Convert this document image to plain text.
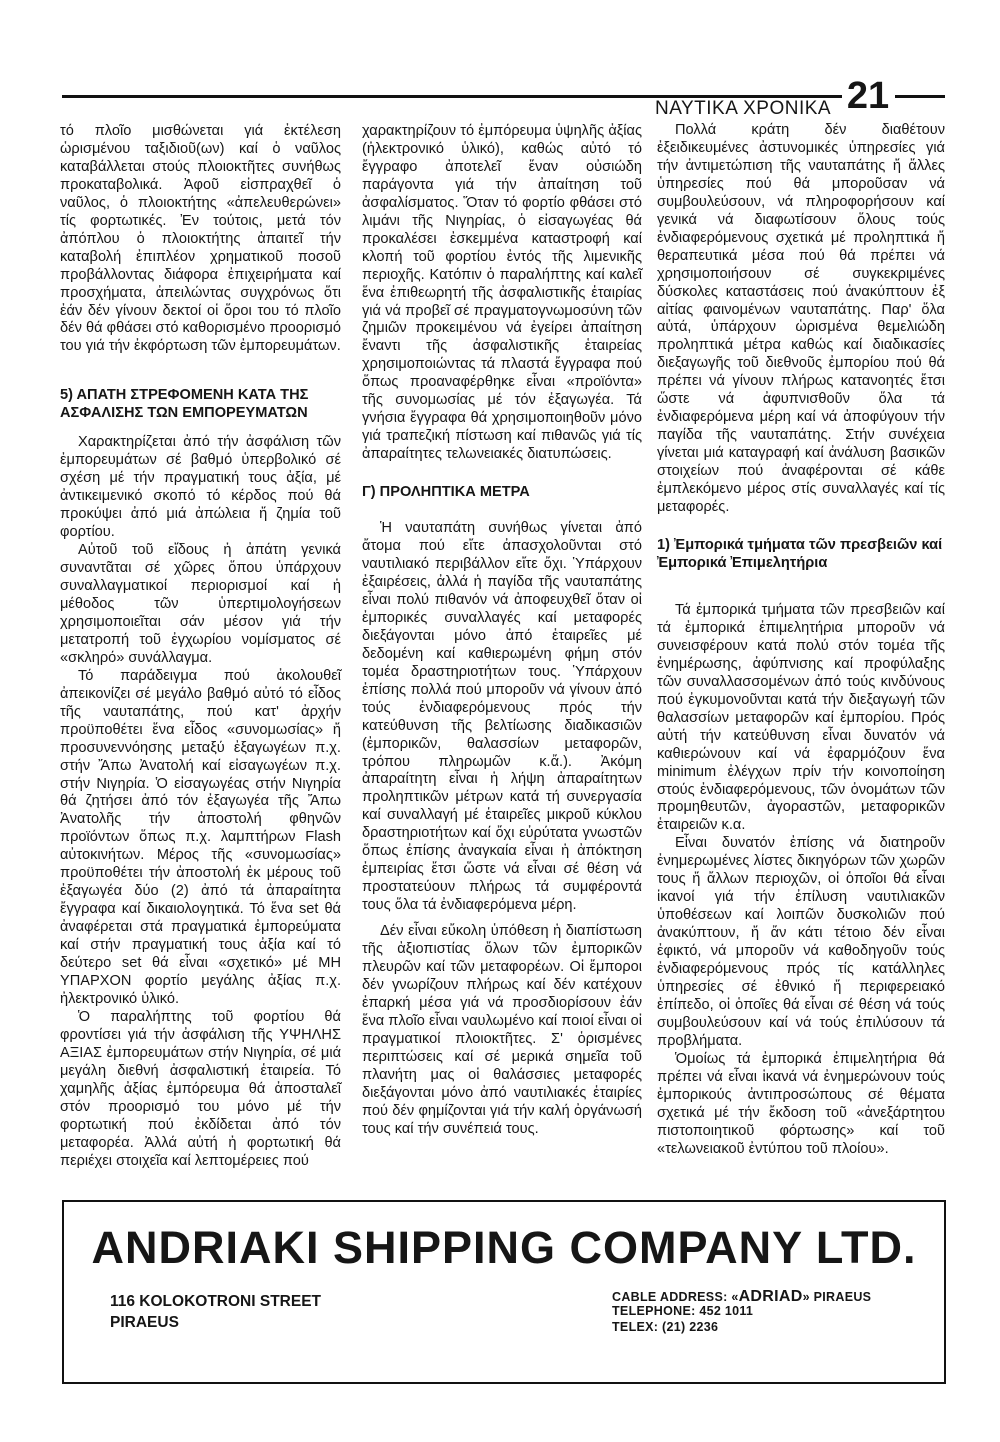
21
ΝΑΥΤΙΚΑ ΧΡΟΝΙΚΑ

τό πλοῖο μισθώνεται γιά ἐκτέλεση ὡρισμένου ταξιδιοῦ(ων) καί ὁ ναῦλος καταβάλλεται στούς πλοιοκτῆτες συνήθως προκαταβολικά. Ἀφοῦ εἰσπραχθεῖ ὁ ναῦλος, ὁ πλοιοκτήτης «ἀπελευθερώνει» τίς φορτωτικές. Ἐν τούτοις, μετά τόν ἀπόπλου ὁ πλοιοκτήτης ἀπαιτεῖ τήν καταβολή ἐπιπλέον χρηματικοῦ ποσοῦ προβάλλοντας διάφορα ἐπιχειρήματα καί προσχήματα, ἀπειλώντας συγχρόνως ὅτι ἐάν δέν γίνουν δεκτοί οἱ ὅροι του τό πλοῖο δέν θά φθάσει στό καθορισμένο προορισμό του γιά τήν ἐκφόρτωση τῶν ἐμπορευμάτων.

5) ΑΠΑΤΗ ΣΤΡΕΦΟΜΕΝΗ ΚΑΤΑ ΤΗΣ ΑΣΦΑΛΙΣΗΣ ΤΩΝ ΕΜΠΟΡΕΥΜΑΤΩΝ

Χαρακτηρίζεται ἀπό τήν ἀσφάλιση τῶν ἐμπορευμάτων σέ βαθμό ὑπερβολικό σέ σχέση μέ τήν πραγματική τους ἀξία, μέ ἀντικειμενικό σκοπό τό κέρδος πού θά προκύψει ἀπό μιά ἀπώλεια ἤ ζημία τοῦ φορτίου.

Αὐτοῦ τοῦ εἴδους ἡ ἀπάτη γενικά συναντᾶται σέ χῶρες ὅπου ὑπάρχουν συναλλαγματικοί περιορισμοί καί ἡ μέθοδος τῶν ὑπερτιμολογήσεων χρησιμοποιεῖται σάν μέσον γιά τήν μετατροπή τοῦ ἐγχωρίου νομίσματος σέ «σκληρό» συνάλλαγμα.

Τό παράδειγμα πού ἀκολουθεῖ ἀπεικονίζει σέ μεγάλο βαθμό αὐτό τό εἶδος τῆς ναυταπάτης, πού κατ' ἀρχήν προϋποθέτει ἕνα εἶδος «συνομωσίας» ἤ προσυνεννόησης μεταξύ ἐξαγωγέων π.χ. στήν Ἄπω Ἀνατολή καί εἰσαγωγέων π.χ. στήν Νιγηρία. Ὁ εἰσαγωγέας στήν Νιγηρία θά ζητήσει ἀπό τόν ἐξαγωγέα τῆς Ἄπω Ἀνατολῆς τήν ἀποστολή φθηνῶν προϊόντων ὅπως π.χ. λαμπτήρων Flash αὐτοκινήτων. Μέρος τῆς «συνομωσίας» προϋποθέτει τήν ἀποστολή ἐκ μέρους τοῦ ἐξαγωγέα δύο (2) ἀπό τά ἀπαραίτητα ἔγγραφα καί δικαιολογητικά. Τό ἕνα set θά ἀναφέρεται στά πραγματικά ἐμπορεύματα καί στήν πραγματική τους ἀξία καί τό δεύτερο set θά εἶναι «σχετικό» μέ ΜΗ ΥΠΑΡΧΟΝ φορτίο μεγάλης ἀξίας π.χ. ἠλεκτρονικό ὑλικό.

Ὁ παραλήπτης τοῦ φορτίου θά φροντίσει γιά τήν ἀσφάλιση τῆς ΥΨΗΛΗΣ ΑΞΙΑΣ ἐμπορευμάτων στήν Νιγηρία, σέ μιά μεγάλη διεθνή ἀσφαλιστική ἑταιρεία. Τό χαμηλῆς ἀξίας ἐμπόρευμα θά ἀποσταλεῖ στόν προορισμό του μόνο μέ τήν φορτωτική πού ἐκδίδεται ἀπό τόν μεταφορέα. Ἀλλά αὐτή ἡ φορτωτική θά περιέχει στοιχεῖα καί λεπτομέρειες πού

χαρακτηρίζουν τό ἐμπόρευμα ὑψηλῆς ἀξίας (ἠλεκτρονικό ὑλικό), καθώς αὐτό τό ἔγγραφο ἀποτελεῖ ἕναν οὐσιώδη παράγοντα γιά τήν ἀπαίτηση τοῦ ἀσφαλίσματος. Ὅταν τό φορτίο φθάσει στό λιμάνι τῆς Νιγηρίας, ὁ εἰσαγωγέας θά προκαλέσει ἐσκεμμένα καταστροφή καί κλοπή τοῦ φορτίου ἐντός τῆς λιμενικῆς περιοχῆς. Κατόπιν ὁ παραλήπτης καί καλεῖ ἕνα ἐπιθεωρητή τῆς ἀσφαλιστικῆς ἑταιρίας γιά νά προβεῖ σέ πραγματογνωμοσύνη τῶν ζημιῶν προκειμένου νά ἐγείρει ἀπαίτηση ἔναντι τῆς ἀσφαλιστικῆς ἑταιρείας χρησιμοποιώντας τά πλαστά ἔγγραφα πού ὅπως προαναφέρθηκε εἶναι «προϊόντα» τῆς συνομωσίας μέ τόν ἐξαγωγέα. Τά γνήσια ἔγγραφα θά χρησιμοποιηθοῦν μόνο γιά τραπεζική πίστωση καί πιθανῶς γιά τίς ἀπαραίτητες τελωνειακές διατυπώσεις.

Γ) ΠΡΟΛΗΠΤΙΚΑ ΜΕΤΡΑ

Ἡ ναυταπάτη συνήθως γίνεται ἀπό ἄτομα πού εἴτε ἀπασχολοῦνται στό ναυτιλιακό περιβάλλον εἴτε ὄχι. Ὑπάρχουν ἐξαιρέσεις, ἀλλά ἡ παγίδα τῆς ναυταπάτης εἶναι πολύ πιθανόν νά ἀποφευχθεῖ ὅταν οἱ ἐμπορικές συναλλαγές καί μεταφορές διεξάγονται μόνο ἀπό ἑταιρεῖες μέ δεδομένη καί καθιερωμένη φήμη στόν τομέα δραστηριοτήτων τους. Ὑπάρχουν ἐπίσης πολλά πού μποροῦν νά γίνουν ἀπό τούς ἐνδιαφερόμενους πρός τήν κατεύθυνση τῆς βελτίωσης διαδικασιῶν (ἐμπορικῶν, θαλασσίων μεταφορῶν, τρόπου πληρωμῶν κ.ἄ.). Ἀκόμη ἀπαραίτητη εἶναι ἡ λήψη ἀπαραίτητων προληπτικῶν μέτρων κατά τή συνεργασία καί συναλλαγή μέ ἑταιρεῖες μικροῦ κύκλου δραστηριοτήτων καί ὄχι εὐρύτατα γνωστῶν ὅπως ἐπίσης ἀναγκαία εἶναι ἡ ἀπόκτηση ἐμπειρίας ἔτσι ὥστε νά εἶναι σέ θέση νά προστατεύουν πλήρως τά συμφέροντά τους ὅλα τά ἐνδιαφερόμενα μέρη.

Δέν εἶναι εὔκολη ὑπόθεση ἡ διαπίστωση τῆς ἀξιοπιστίας ὅλων τῶν ἐμπορικῶν πλευρῶν καί τῶν μεταφορέων. Οἱ ἔμποροι δέν γνωρίζουν πλήρως καί δέν κατέχουν ἐπαρκή μέσα γιά νά προσδιορίσουν ἐάν ἕνα πλοῖο εἶναι ναυλωμένο καί ποιοί εἶναι οἱ πραγματικοί πλοιοκτῆτες. Σ' ὁρισμένες περιπτώσεις καί σέ μερικά σημεῖα τοῦ πλανήτη μας οἱ θαλάσσιες μεταφορές διεξάγονται μόνο ἀπό ναυτιλιακές ἑταιρίες πού δέν φημίζονται γιά τήν καλή ὀργάνωσή τους καί τήν συνέπειά τους.

Πολλά κράτη δέν διαθέτουν ἐξειδικευμένες ἀστυνομικές ὑπηρεσίες γιά τήν ἀντιμετώπιση τῆς ναυταπάτης ἤ ἄλλες ὑπηρεσίες πού θά μποροῦσαν νά συμβουλεύσουν, νά πληροφορήσουν καί γενικά νά διαφωτίσουν ὅλους τούς ἐνδιαφερόμενους σχετικά μέ προληπτικά ἤ θεραπευτικά μέσα πού θά πρέπει νά χρησιμοποιήσουν σέ συγκεκριμένες δύσκολες καταστάσεις πού ἀνακύπτουν ἐξ αἰτίας φαινομένων ναυταπάτης. Παρ' ὅλα αὐτά, ὑπάρχουν ὡρισμένα θεμελιώδη προληπτικά μέτρα καθώς καί διαδικασίες διεξαγωγῆς τοῦ διεθνοῦς ἐμπορίου πού θά πρέπει νά γίνουν πλήρως κατανοητές ἔτσι ὥστε νά ἀφυπνισθοῦν ὅλα τά ἐνδιαφερόμενα μέρη καί νά ἀποφύγουν τήν παγίδα τῆς ναυταπάτης. Στήν συνέχεια γίνεται μιά καταγραφή καί ἀνάλυση βασικῶν στοιχείων πού ἀναφέρονται σέ κάθε ἐμπλεκόμενο μέρος στίς συναλλαγές καί τίς μεταφορές.

1) Ἐμπορικά τμήματα τῶν πρεσβειῶν καί Ἐμπορικά Ἐπιμελητήρια

Τά ἐμπορικά τμήματα τῶν πρεσβειῶν καί τά ἐμπορικά ἐπιμελητήρια μποροῦν νά συνεισφέρουν κατά πολύ στόν τομέα τῆς ἐνημέρωσης, ἀφύπνισης καί προφύλαξης τῶν συναλλασσομένων ἀπό τούς κινδύνους πού ἐγκυμονοῦνται κατά τήν διεξαγωγή τῶν θαλασσίων μεταφορῶν καί ἐμπορίου. Πρός αὐτή τήν κατεύθυνση εἶναι δυνατόν νά καθιερώνουν καί νά ἐφαρμόζουν ἕνα minimum ἐλέγχων πρίν τήν κοινοποίηση στούς ἐνδιαφερόμενους, τῶν ὀνομάτων τῶν προμηθευτῶν, ἀγοραστῶν, μεταφορικῶν ἑταιρειῶν κ.α.

Εἶναι δυνατόν ἐπίσης νά διατηροῦν ἐνημερωμένες λίστες δικηγόρων τῶν χωρῶν τους ἤ ἄλλων περιοχῶν, οἱ ὁποῖοι θά εἶναι ἱκανοί γιά τήν ἐπίλυση ναυτιλιακῶν ὑποθέσεων καί λοιπῶν δυσκολιῶν πού ἀνακύπτουν, ἤ ἄν κάτι τέτοιο δέν εἶναι ἐφικτό, νά μποροῦν νά καθοδηγοῦν τούς ἐνδιαφερόμενους πρός τίς κατάλληλες ὑπηρεσίες σέ ἐθνικό ἤ περιφερειακό ἐπίπεδο, οἱ ὁποῖες θά εἶναι σέ θέση νά τούς συμβουλεύσουν καί νά τούς ἐπιλύσουν τά προβλήματα.

Ὁμοίως τά ἐμπορικά ἐπιμελητήρια θά πρέπει νά εἶναι ἱκανά νά ἐνημερώνουν τούς ἐμπορικούς ἀντιπροσώπους σέ θέματα σχετικά μέ τήν ἔκδοση τοῦ «ἀνεξάρτητου πιστοποιητικοῦ φόρτωσης» καί τοῦ «τελωνειακοῦ ἐντύπου τοῦ πλοίου».

ANDRIAKI SHIPPING COMPANY LTD.
116 KOLOKOTRONI STREET
PIRAEUS
CABLE ADDRESS: «ADRIAD» PIRAEUS
TELEPHONE: 452 1011
TELEX: (21) 2236
